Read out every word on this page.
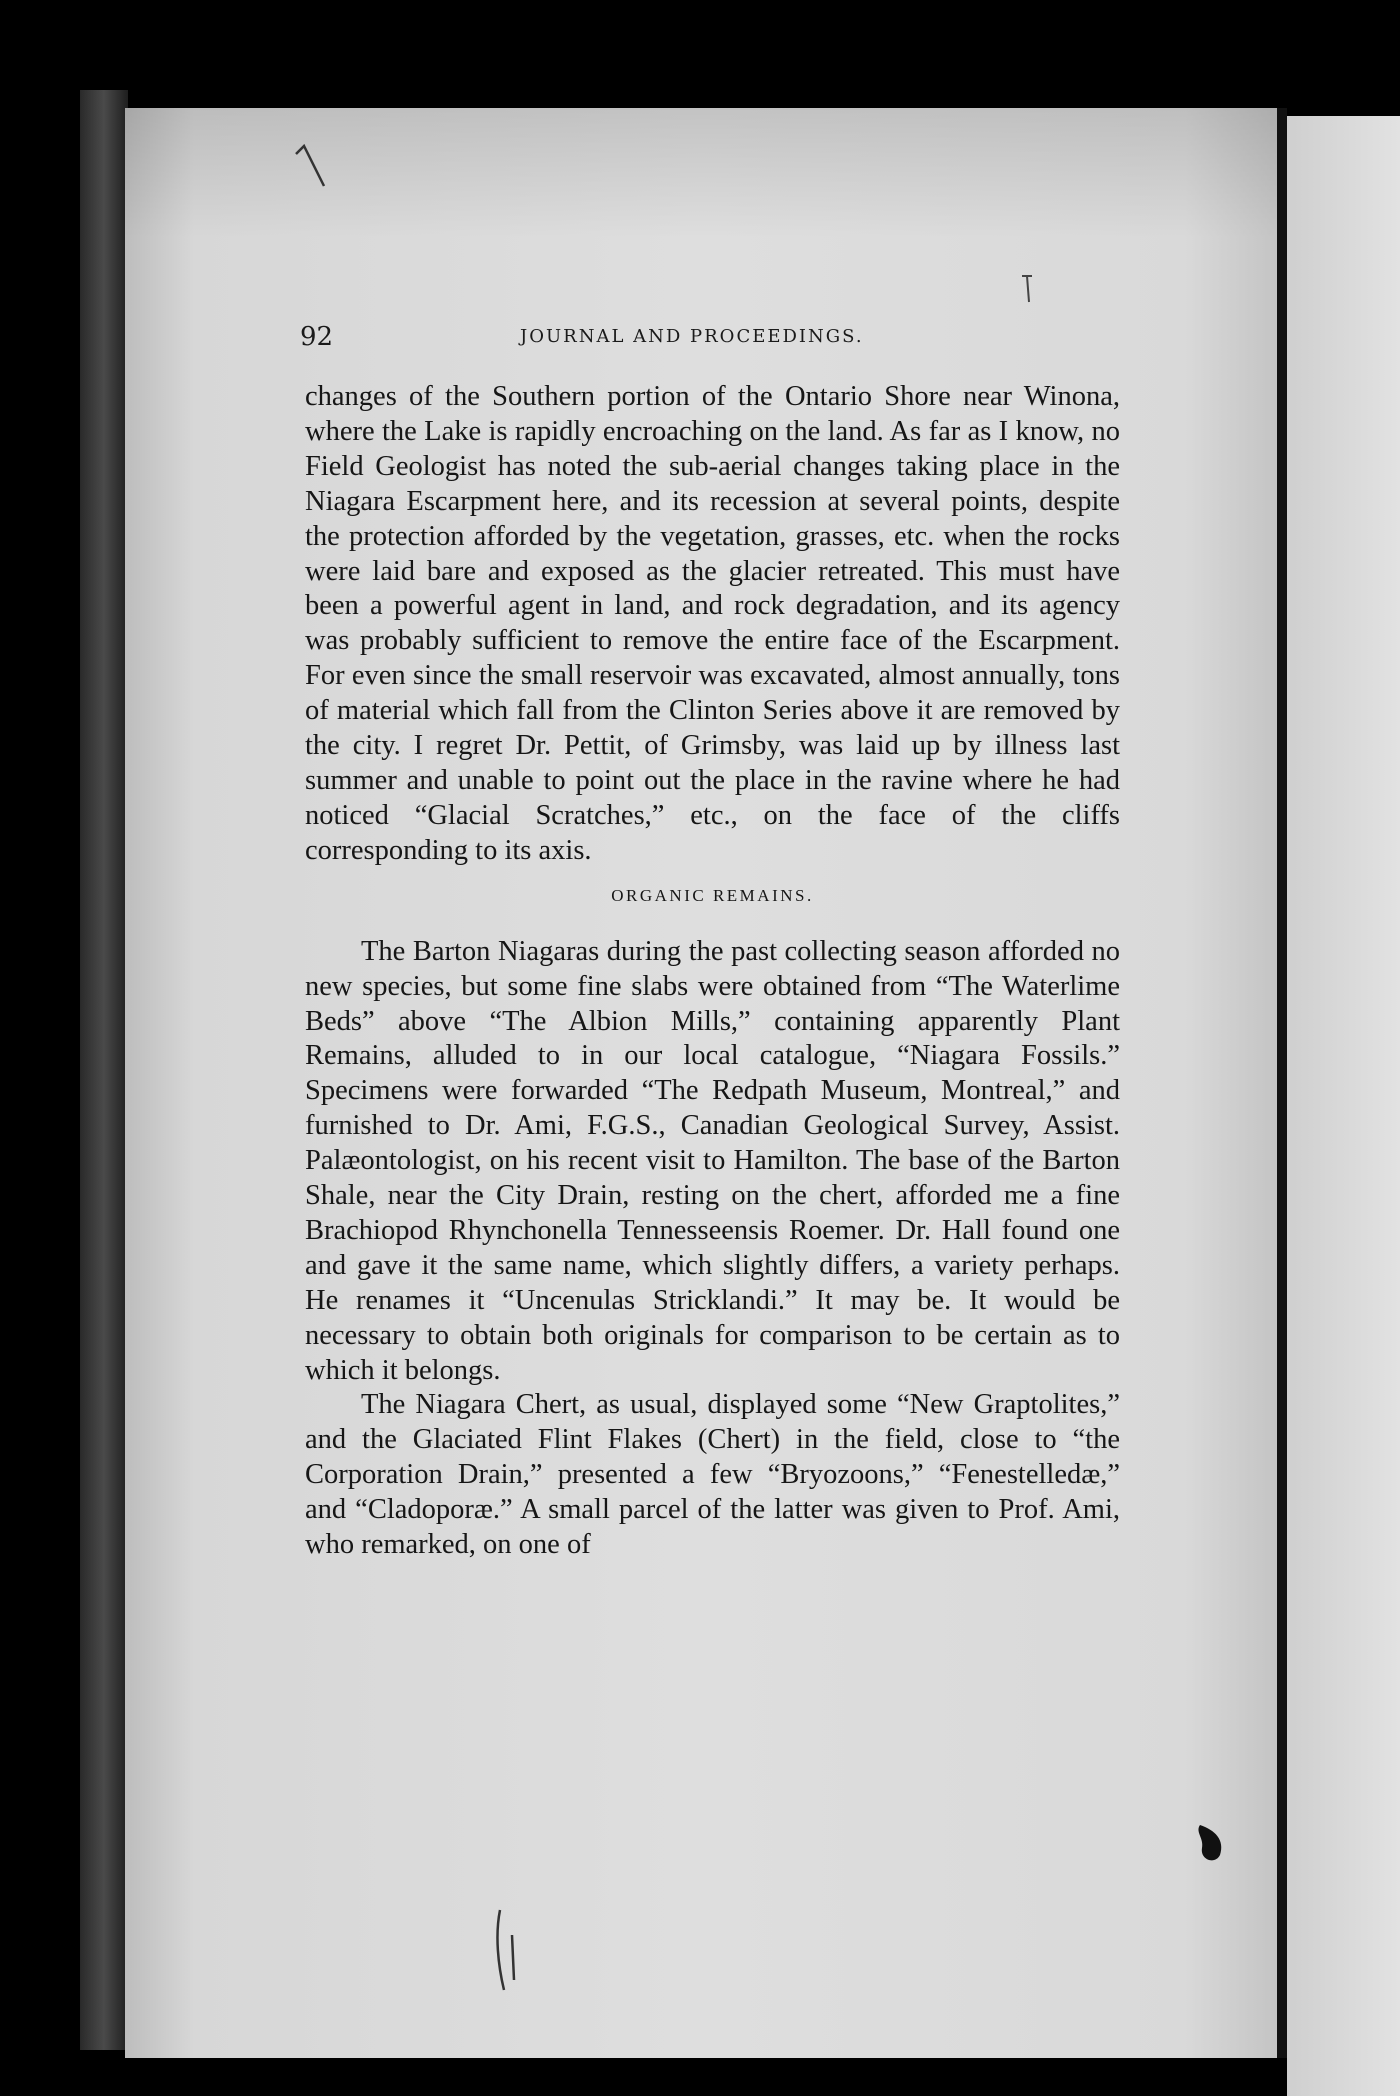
92	JOURNAL AND PROCEEDINGS.

changes of the Southern portion of the Ontario Shore near Winona, where the Lake is rapidly encroaching on the land. As far as I know, no Field Geologist has noted the sub-aerial changes taking place in the Niagara Escarpment here, and its recession at several points, despite the protection afforded by the vegetation, grasses, etc. when the rocks were laid bare and exposed as the glacier retreated. This must have been a powerful agent in land, and rock degradation, and its agency was probably sufficient to remove the entire face of the Escarpment. For even since the small reservoir was excavated, almost annually, tons of material which fall from the Clinton Series above it are removed by the city. I regret Dr. Pettit, of Grimsby, was laid up by illness last summer and unable to point out the place in the ravine where he had noticed “Glacial Scratches,” etc., on the face of the cliffs corresponding to its axis.

ORGANIC REMAINS.

The Barton Niagaras during the past collecting season afforded no new species, but some fine slabs were obtained from “The Waterlime Beds” above “The Albion Mills,” containing apparently Plant Remains, alluded to in our local catalogue, “Niagara Fossils.” Specimens were forwarded “The Redpath Museum, Montreal,” and furnished to Dr. Ami, F.G.S., Canadian Geological Survey, Assist. Palæontologist, on his recent visit to Hamilton. The base of the Barton Shale, near the City Drain, resting on the chert, afforded me a fine Brachiopod Rhynchonella Tennesseensis Roemer. Dr. Hall found one and gave it the same name, which slightly differs, a variety perhaps. He renames it “Uncenulas Stricklandi.” It may be. It would be necessary to obtain both originals for comparison to be certain as to which it belongs.

The Niagara Chert, as usual, displayed some “New Graptolites,” and the Glaciated Flint Flakes (Chert) in the field, close to “the Corporation Drain,” presented a few “Bryozoons,” “Fenestelledæ,” and “Cladoporæ.” A small parcel of the latter was given to Prof. Ami, who remarked, on one of
